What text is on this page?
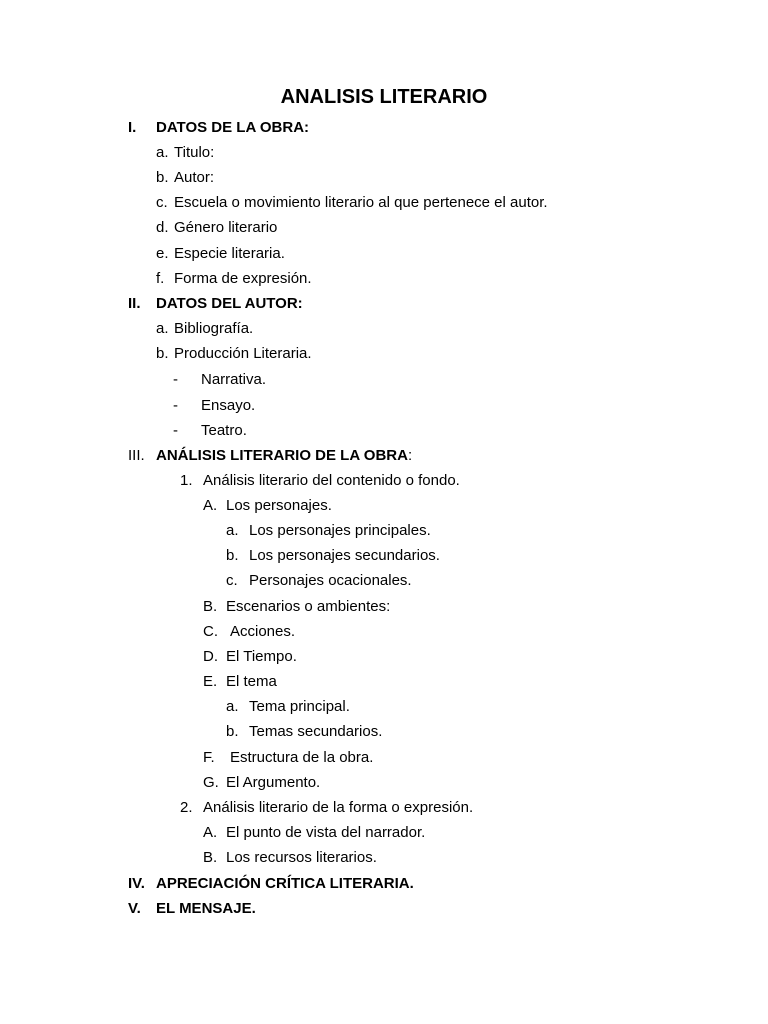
ANALISIS LITERARIO
I. DATOS DE LA OBRA:
a. Titulo:
b. Autor:
c. Escuela o movimiento literario al que pertenece el autor.
d. Género literario
e. Especie literaria.
f. Forma de expresión.
II. DATOS DEL AUTOR:
a. Bibliografía.
b. Producción Literaria.
- Narrativa.
- Ensayo.
- Teatro.
III. ANÁLISIS LITERARIO DE LA OBRA:
1. Análisis literario del contenido o fondo.
A. Los personajes.
a. Los personajes principales.
b. Los personajes secundarios.
c. Personajes ocacionales.
B. Escenarios o ambientes:
C. Acciones.
D. El Tiempo.
E. El tema
a. Tema principal.
b. Temas secundarios.
F. Estructura de la obra.
G. El Argumento.
2. Análisis literario de la forma o expresión.
A. El punto de vista del narrador.
B. Los recursos literarios.
IV. APRECIACIÓN CRÍTICA LITERARIA.
V. EL MENSAJE.
